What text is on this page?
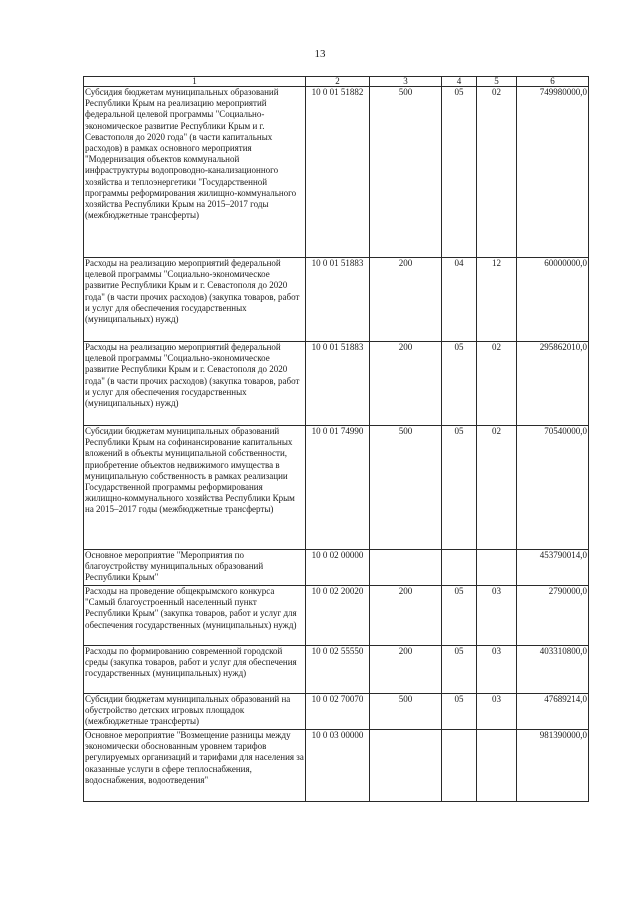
13
1	2	3	4	5	6
Субсидия бюджетам муниципальных образований Республики Крым на реализацию мероприятий федеральной целевой программы "Социально-экономическое развитие Республики Крым и г. Севастополя до 2020 года" (в части капитальных расходов) в рамках основного мероприятия "Модернизация объектов коммунальной инфраструктуры водопроводно-канализационного хозяйства и теплоэнергетики "Государственной программы реформирования жилищно-коммунального хозяйства Республики Крым на 2015–2017 годы (межбюджетные трансферты)	10 0 01 51882	500	05	02	749980000,0
Расходы на реализацию мероприятий федеральной целевой программы "Социально-экономическое развитие Республики Крым и г. Севастополя до 2020 года" (в части прочих расходов) (закупка товаров, работ и услуг для обеспечения государственных (муниципальных) нужд)	10 0 01 51883	200	04	12	60000000,0
Расходы на реализацию мероприятий федеральной целевой программы "Социально-экономическое развитие Республики Крым и г. Севастополя до 2020 года" (в части прочих расходов) (закупка товаров, работ и услуг для обеспечения государственных (муниципальных) нужд)	10 0 01 51883	200	05	02	295862010,0
Субсидии бюджетам муниципальных образований Республики Крым на софинансирование капитальных вложений в объекты муниципальной собственности, приобретение объектов недвижимого имущества в муниципальную собственность в рамках реализации Государственной программы реформирования жилищно-коммунального хозяйства Республики Крым на 2015–2017 годы (межбюджетные трансферты)	10 0 01 74990	500	05	02	70540000,0
Основное мероприятие "Мероприятия по благоустройству муниципальных образований Республики Крым"	10 0 02 00000				453790014,0
Расходы на проведение общекрымского конкурса "Самый благоустроенный населенный пункт Республики Крым" (закупка товаров, работ и услуг для обеспечения государственных (муниципальных) нужд)	10 0 02 20020	200	05	03	2790000,0
Расходы по формированию современной городской среды (закупка товаров, работ и услуг для обеспечения государственных (муниципальных) нужд)	10 0 02 55550	200	05	03	403310800,0
Субсидии бюджетам муниципальных образований на обустройство детских игровых площадок (межбюджетные трансферты)	10 0 02 70070	500	05	03	47689214,0
Основное мероприятие "Возмещение разницы между экономически обоснованным уровнем тарифов регулируемых организаций и тарифами для населения за оказанные услуги в сфере теплоснабжения, водоснабжения, водоотведения"	10 0 03 00000				981390000,0
